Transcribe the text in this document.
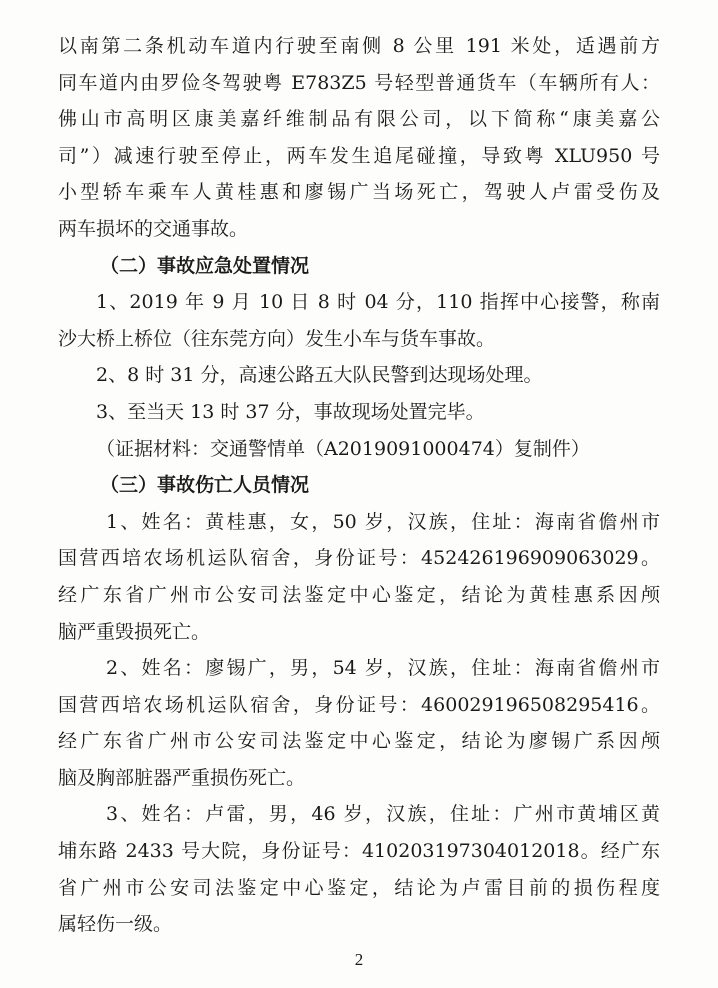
以南第二条机动车道内行驶至南侧 8 公里 191 米处，适遇前方
同车道内由罗俭冬驾驶粤 E783Z5 号轻型普通货车（车辆所有人：
佛山市高明区康美嘉纤维制品有限公司，以下简称“康美嘉公
司”）减速行驶至停止，两车发生追尾碰撞，导致粤 XLU950 号
小型轿车乘车人黄桂惠和廖锡广当场死亡，驾驶人卢雷受伤及
两车损坏的交通事故。
（二）事故应急处置情况
1、2019 年 9 月 10 日 8 时 04 分，110 指挥中心接警，称南
沙大桥上桥位（往东莞方向）发生小车与货车事故。
2、8 时 31 分，高速公路五大队民警到达现场处理。
3、至当天 13 时 37 分，事故现场处置完毕。
（证据材料：交通警情单（A2019091000474）复制件）
（三）事故伤亡人员情况
1、姓名：黄桂惠，女，50 岁，汉族，住址：海南省儋州市
国营西培农场机运队宿舍，身份证号：452426196909063029。
经广东省广州市公安司法鉴定中心鉴定，结论为黄桂惠系因颅
脑严重毁损死亡。
2、姓名：廖锡广，男，54 岁，汉族，住址：海南省儋州市
国营西培农场机运队宿舍，身份证号：460029196508295416。
经广东省广州市公安司法鉴定中心鉴定，结论为廖锡广系因颅
脑及胸部脏器严重损伤死亡。
3、姓名：卢雷，男，46 岁，汉族，住址：广州市黄埔区黄
埔东路 2433 号大院，身份证号：410203197304012018。经广东
省广州市公安司法鉴定中心鉴定，结论为卢雷目前的损伤程度
属轻伤一级。
2
